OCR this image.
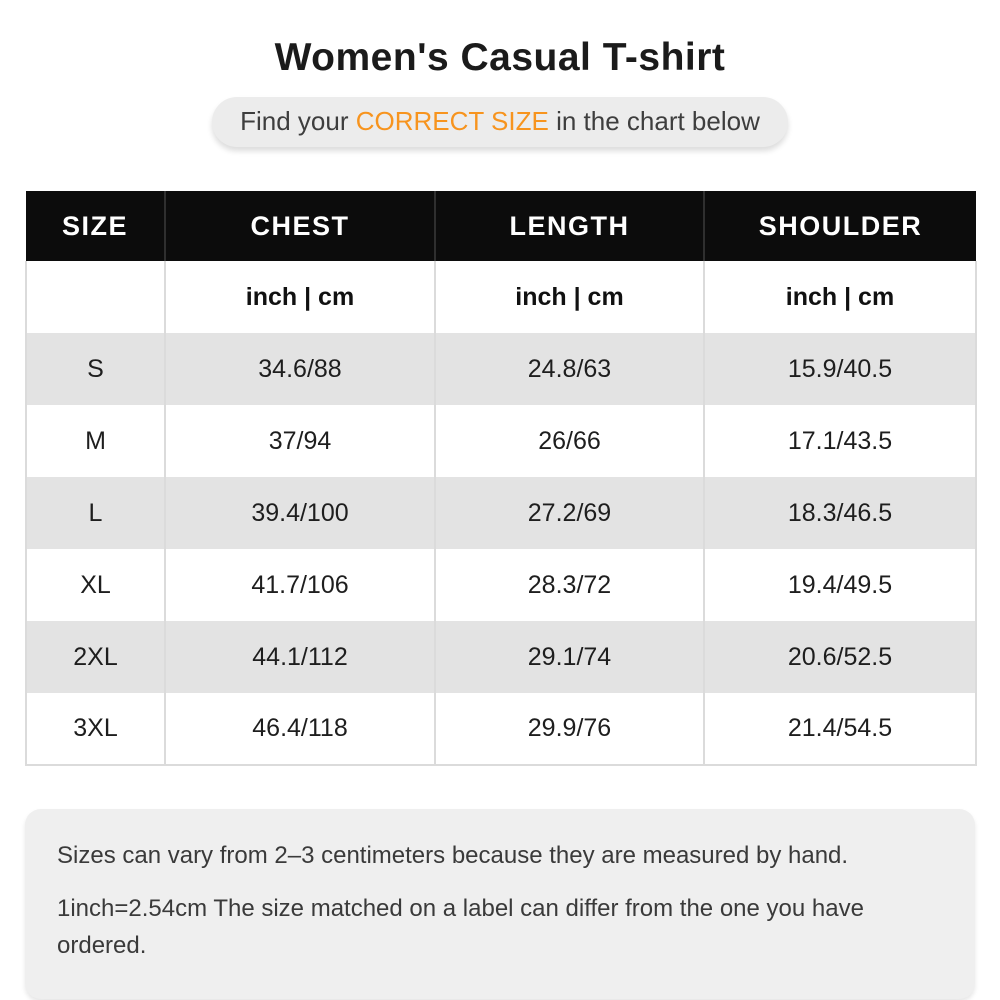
Women's Casual T-shirt
Find your CORRECT SIZE in the chart below
SIZE	CHEST	LENGTH	SHOULDER
	inch | cm	inch | cm	inch | cm
S	34.6/88	24.8/63	15.9/40.5
M	37/94	26/66	17.1/43.5
L	39.4/100	27.2/69	18.3/46.5
XL	41.7/106	28.3/72	19.4/49.5
2XL	44.1/112	29.1/74	20.6/52.5
3XL	46.4/118	29.9/76	21.4/54.5

Sizes can vary from 2–3 centimeters because they are measured by hand.

1inch=2.54cm The size matched on a label can differ from the one you have ordered.
